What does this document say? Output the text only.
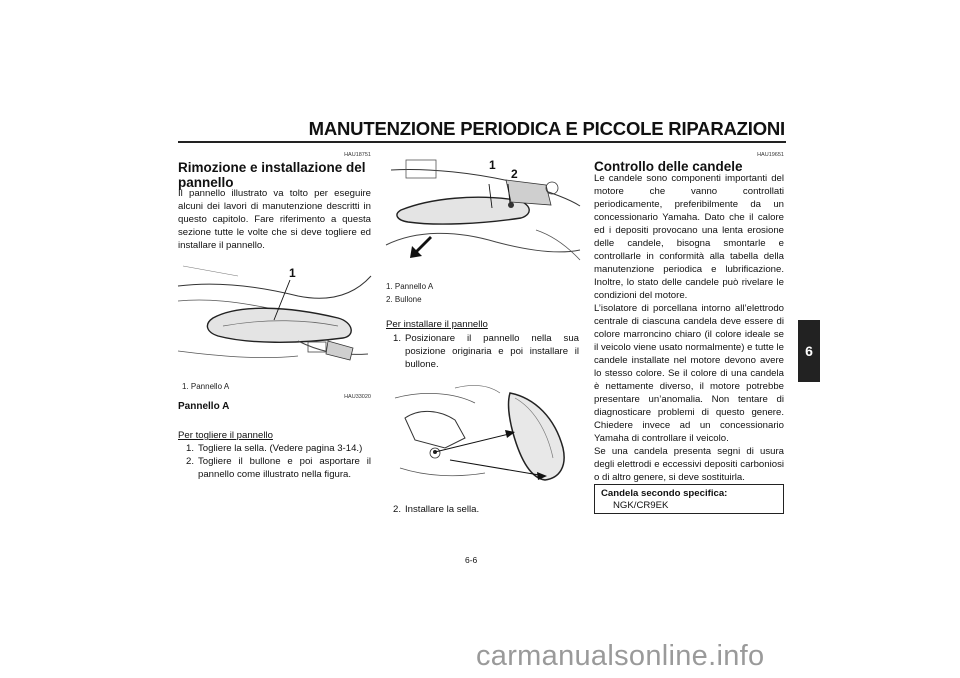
MANUTENZIONE PERIODICA E PICCOLE RIPARAZIONI
6
HAU18751
Rimozione e installazione del pannello
Il pannello illustrato va tolto per eseguire alcuni dei lavori di manutenzione descritti in questo capitolo. Fare riferimento a questa sezione tutte le volte che si deve togliere ed installare il pannello.
1
1. Pannello A
HAU33020
Pannello A
Per togliere il pannello
1. Togliere la sella. (Vedere pagina 3-14.)
2. Togliere il bullone e poi asportare il pannello come illustrato nella figura.
1
2
1. Pannello A
2. Bullone
Per installare il pannello
1. Posizionare il pannello nella sua posizione originaria e poi installare il bullone.
2. Installare la sella.
HAU19651
Controllo delle candele

Le candele sono componenti importanti del motore che vanno controllati periodicamente, preferibilmente da un concessionario Yamaha. Dato che il calore ed i depositi provocano una lenta erosione delle candele, bisogna smontarle e controllarle in conformità alla tabella della manutenzione periodica e lubrificazione. Inoltre, lo stato delle candele può rivelare le condizioni del motore.

L’isolatore di porcellana intorno all’elettrodo centrale di ciascuna candela deve essere di colore marroncino chiaro (il colore ideale se il veicolo viene usato normalmente) e tutte le candele installate nel motore devono avere lo stesso colore. Se il colore di una candela è nettamente diverso, il motore potrebbe presentare un’anomalia. Non tentare di diagnosticare problemi di questo genere. Chiedere invece ad un concessionario Yamaha di controllare il veicolo.

Se una candela presenta segni di usura degli elettrodi e eccessivi depositi carboniosi o di altro genere, si deve sostituirla.

Candela secondo specifica:
NGK/CR9EK
6-6
carmanualsonline.info
